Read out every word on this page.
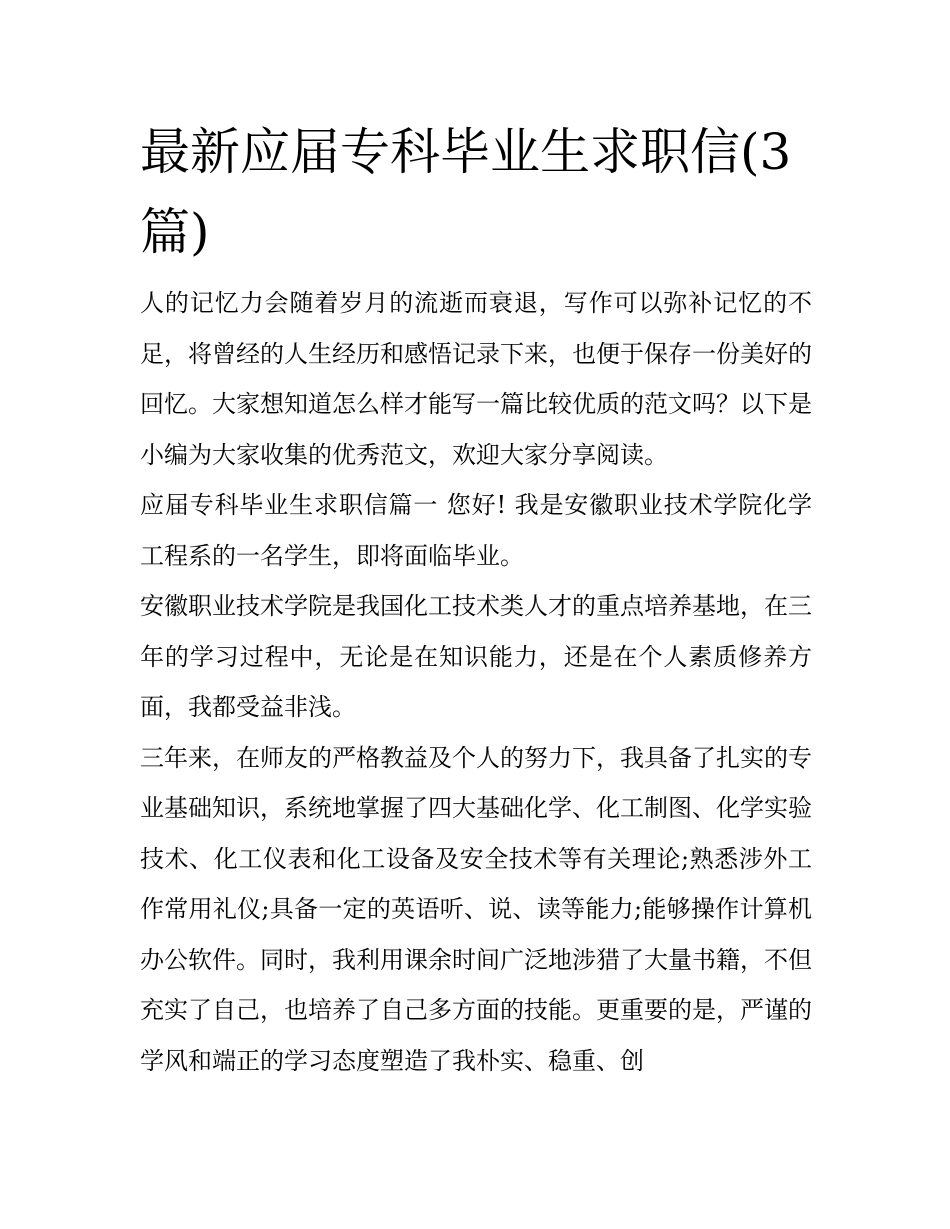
最新应届专科毕业生求职信(3篇)

人的记忆力会随着岁月的流逝而衰退，写作可以弥补记忆的不足，将曾经的人生经历和感悟记录下来，也便于保存一份美好的回忆。大家想知道怎么样才能写一篇比较优质的范文吗？以下是小编为大家收集的优秀范文，欢迎大家分享阅读。

应届专科毕业生求职信篇一 您好! 我是安徽职业技术学院化学工程系的一名学生，即将面临毕业。

安徽职业技术学院是我国化工技术类人才的重点培养基地，在三年的学习过程中，无论是在知识能力，还是在个人素质修养方面，我都受益非浅。

三年来，在师友的严格教益及个人的努力下，我具备了扎实的专业基础知识，系统地掌握了四大基础化学、化工制图、化学实验技术、化工仪表和化工设备及安全技术等有关理论;熟悉涉外工作常用礼仪;具备一定的英语听、说、读等能力;能够操作计算机办公软件。同时，我利用课余时间广泛地涉猎了大量书籍，不但充实了自己，也培养了自己多方面的技能。更重要的是，严谨的学风和端正的学习态度塑造了我朴实、稳重、创
